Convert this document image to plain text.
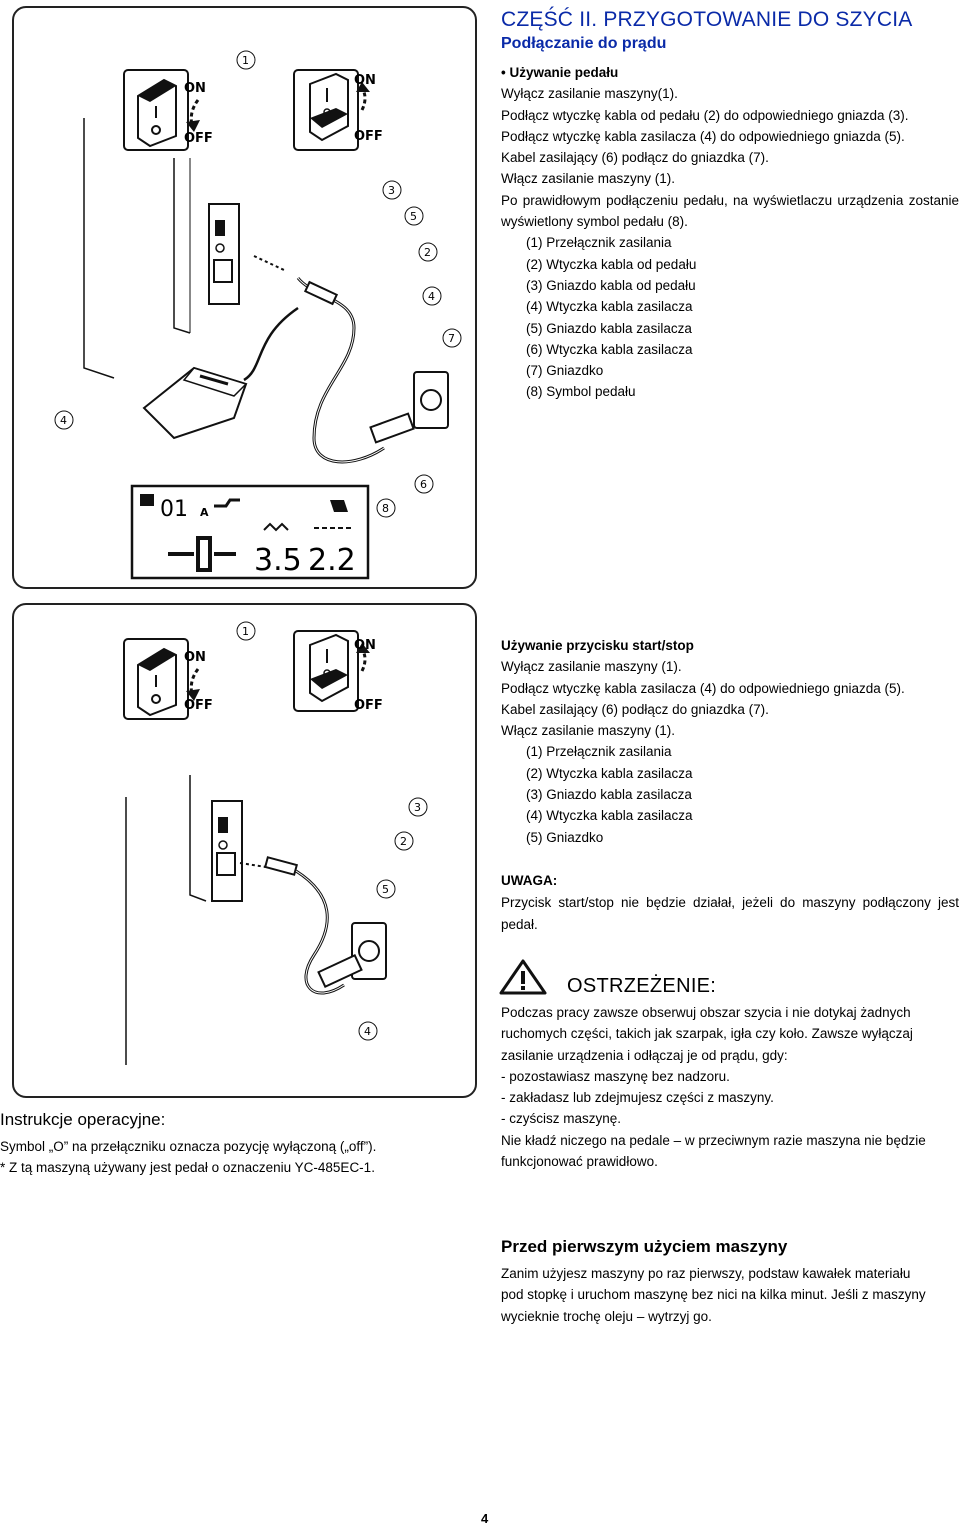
ON
OFF
ON
OFF
1
3
5
2
4
7
4
6
8
01 A
3.5 2.2
CZĘŚĆ II. PRZYGOTOWANIE DO SZYCIA
Podłączanie do prądu
• Używanie pedału
Wyłącz zasilanie maszyny(1).
Podłącz wtyczkę kabla od pedału (2) do odpowiedniego gniazda (3).
Podłącz wtyczkę kabla zasilacza (4) do odpowiedniego gniazda (5).
Kabel zasilający (6) podłącz do gniazdka (7).
Włącz zasilanie maszyny (1).
Po prawidłowym podłączeniu pedału, na wyświetlaczu urządzenia zostanie wyświetlony symbol pedału (8).
(1) Przełącznik zasilania
(2) Wtyczka kabla od pedału
(3) Gniazdo kabla od pedału
(4) Wtyczka kabla zasilacza
(5) Gniazdo kabla zasilacza
(6) Wtyczka kabla zasilacza
(7) Gniazdko
(8) Symbol pedału
ON
OFF
ON
OFF
1
3
2
5
4
Używanie przycisku start/stop
Wyłącz zasilanie maszyny (1).
Podłącz wtyczkę kabla zasilacza (4) do odpowiedniego gniazda (5).
Kabel zasilający (6) podłącz do gniazdka (7).
Włącz zasilanie maszyny (1).
(1) Przełącznik zasilania
(2) Wtyczka kabla zasilacza
(3) Gniazdo kabla zasilacza
(4) Wtyczka kabla zasilacza
(5) Gniazdko
UWAGA:
Przycisk start/stop nie będzie działał, jeżeli do maszyny podłączony jest pedał.
OSTRZEŻENIE:
Podczas pracy zawsze obserwuj obszar szycia i nie dotykaj żadnych
ruchomych części, takich jak szarpak, igła czy koło. Zawsze wyłączaj
zasilanie urządzenia i odłączaj je od prądu, gdy:
- pozostawiasz maszynę bez nadzoru.
- zakładasz lub zdejmujesz części z maszyny.
- czyścisz maszynę.
Nie kładź niczego na pedale – w przeciwnym razie maszyna nie będzie
funkcjonować prawidłowo.
Instrukcje operacyjne:
Symbol „O” na przełączniku oznacza pozycję wyłączoną („off”).
* Z tą maszyną używany jest pedał o oznaczeniu YC-485EC-1.
Przed pierwszym użyciem maszyny
Zanim użyjesz maszyny po raz pierwszy, podstaw kawałek materiału
pod stopkę i uruchom maszynę bez nici na kilka minut. Jeśli z maszyny
wycieknie trochę oleju – wytrzyj go.
4
